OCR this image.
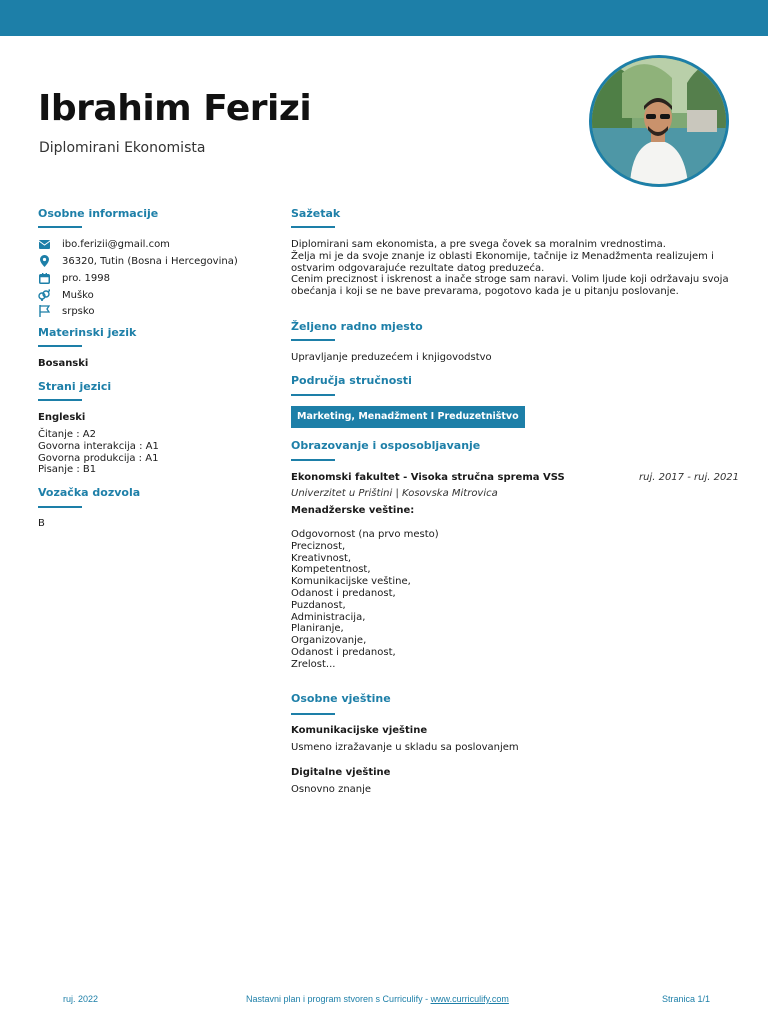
Ibrahim Ferizi
Diplomirani Ekonomista
Osobne informacije
ibo.ferizii@gmail.com
36320, Tutin (Bosna i Hercegovina)
pro. 1998
Muško
srpsko
Materinski jezik
Bosanski
Strani jezici
Engleski
Čitanje : A2
Govorna interakcija : A1
Govorna produkcija : A1
Pisanje : B1
Vozačka dozvola
B
Sažetak
Diplomirani sam ekonomista, a pre svega čovek sa moralnim vrednostima.
Želja mi je da svoje znanje iz oblasti Ekonomije, tačnije iz Menadžmenta realizujem i
ostvarim odgovarajuće rezultate datog preduzeća.
Cenim preciznost i iskrenost a inače stroge sam naravi. Volim ljude koji održavaju svoja
obećanja i koji se ne bave prevarama, pogotovo kada je u pitanju poslovanje.
Željeno radno mjesto
Upravljanje preduzećem i knjigovodstvo
Područja stručnosti
Marketing, Menadžment I Preduzetništvo
Obrazovanje i osposobljavanje
Ekonomski fakultet - Visoka stručna sprema VSS	ruj. 2017 - ruj. 2021
Univerzitet u Prištini | Kosovska Mitrovica
Menadžerske veštine:
Odgovornost (na prvo mesto)
Preciznost,
Kreativnost,
Kompetentnost,
Komunikacijske veštine,
Odanost i predanost,
Puzdanost,
Administracija,
Planiranje,
Organizovanje,
Odanost i predanost,
Zrelost...
Osobne vještine
Komunikacijske vještine
Usmeno izražavanje u skladu sa poslovanjem
Digitalne vještine
Osnovno znanje
ruj. 2022	Nastavni plan i program stvoren s Curriculify - www.curriculify.com	Stranica 1/1
